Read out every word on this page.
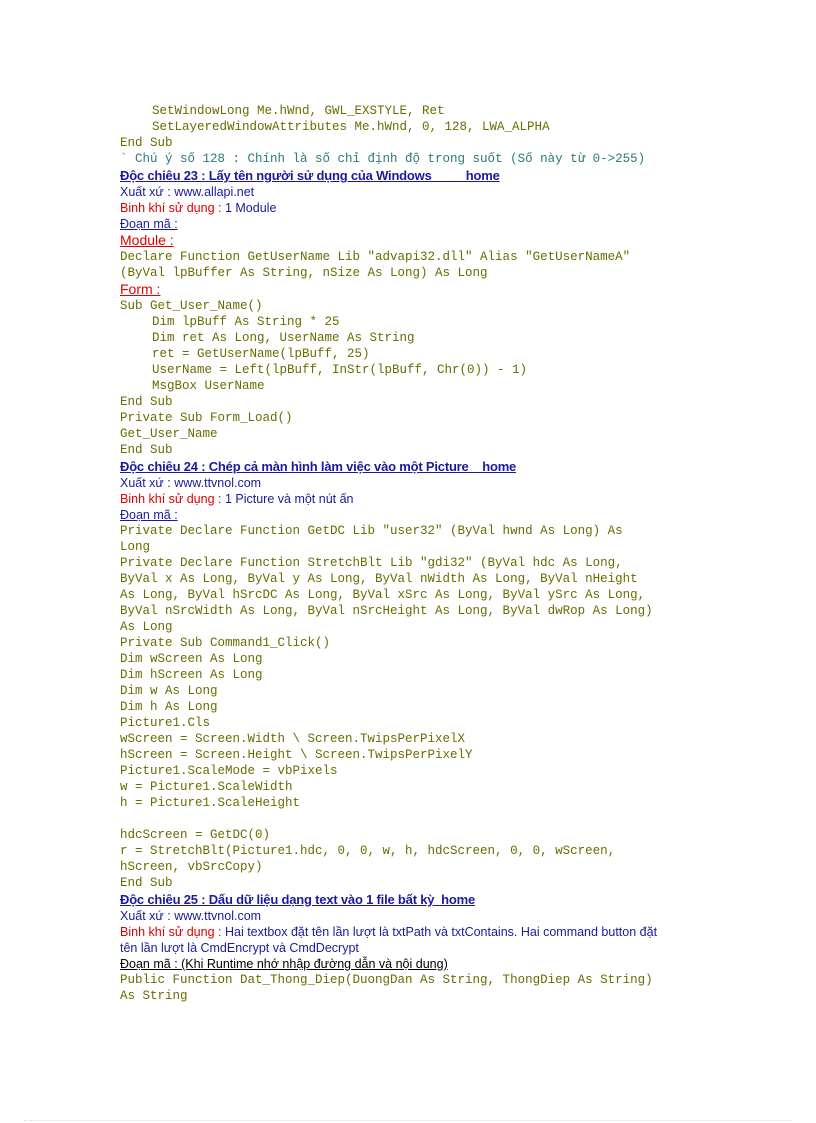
SetWindowLong Me.hWnd, GWL_EXSTYLE, Ret
SetLayeredWindowAttributes Me.hWnd, 0, 128, LWA_ALPHA
End Sub
` Chú ý số 128 : Chính là số chỉ định độ trong suốt (Số này từ 0->255)
Độc chiêu 23 : Lấy tên người sử dụng của Windows          home
Xuất xứ : www.allapi.net
Binh khí sử dụng : 1 Module
Đoạn mã :
Module :
Declare Function GetUserName Lib "advapi32.dll" Alias "GetUserNameA"
(ByVal lpBuffer As String, nSize As Long) As Long
Form :
Sub Get_User_Name()
Dim lpBuff As String * 25
Dim ret As Long, UserName As String
ret = GetUserName(lpBuff, 25)
UserName = Left(lpBuff, InStr(lpBuff, Chr(0)) - 1)
MsgBox UserName
End Sub
Private Sub Form_Load()
Get_User_Name
End Sub
Độc chiêu 24 : Chép cả màn hình làm việc vào một Picture    home
Xuất xứ : www.ttvnol.com
Binh khí sử dụng : 1 Picture và một nút ấn
Đoạn mã :
Private Declare Function GetDC Lib "user32" (ByVal hwnd As Long) As
Long
Private Declare Function StretchBlt Lib "gdi32" (ByVal hdc As Long,
ByVal x As Long, ByVal y As Long, ByVal nWidth As Long, ByVal nHeight
As Long, ByVal hSrcDC As Long, ByVal xSrc As Long, ByVal ySrc As Long,
ByVal nSrcWidth As Long, ByVal nSrcHeight As Long, ByVal dwRop As Long)
As Long
Private Sub Command1_Click()
Dim wScreen As Long
Dim hScreen As Long
Dim w As Long
Dim h As Long
Picture1.Cls
wScreen = Screen.Width \ Screen.TwipsPerPixelX
hScreen = Screen.Height \ Screen.TwipsPerPixelY
Picture1.ScaleMode = vbPixels
w = Picture1.ScaleWidth
h = Picture1.ScaleHeight
hdcScreen = GetDC(0)
r = StretchBlt(Picture1.hdc, 0, 0, w, h, hdcScreen, 0, 0, wScreen,
hScreen, vbSrcCopy)
End Sub
Độc chiêu 25 : Dấu dữ liệu dạng text vào 1 file bất kỳ  home
Xuất xứ : www.ttvnol.com
Binh khí sử dụng : Hai textbox đặt tên lần lượt là txtPath và txtContains. Hai command button đặt
tên lần lượt là CmdEncrypt và CmdDecrypt
Đoạn mã : (Khi Runtime nhớ nhập đường dẫn và nội dung)
Public Function Dat_Thong_Diep(DuongDan As String, ThongDiep As String)
As String
